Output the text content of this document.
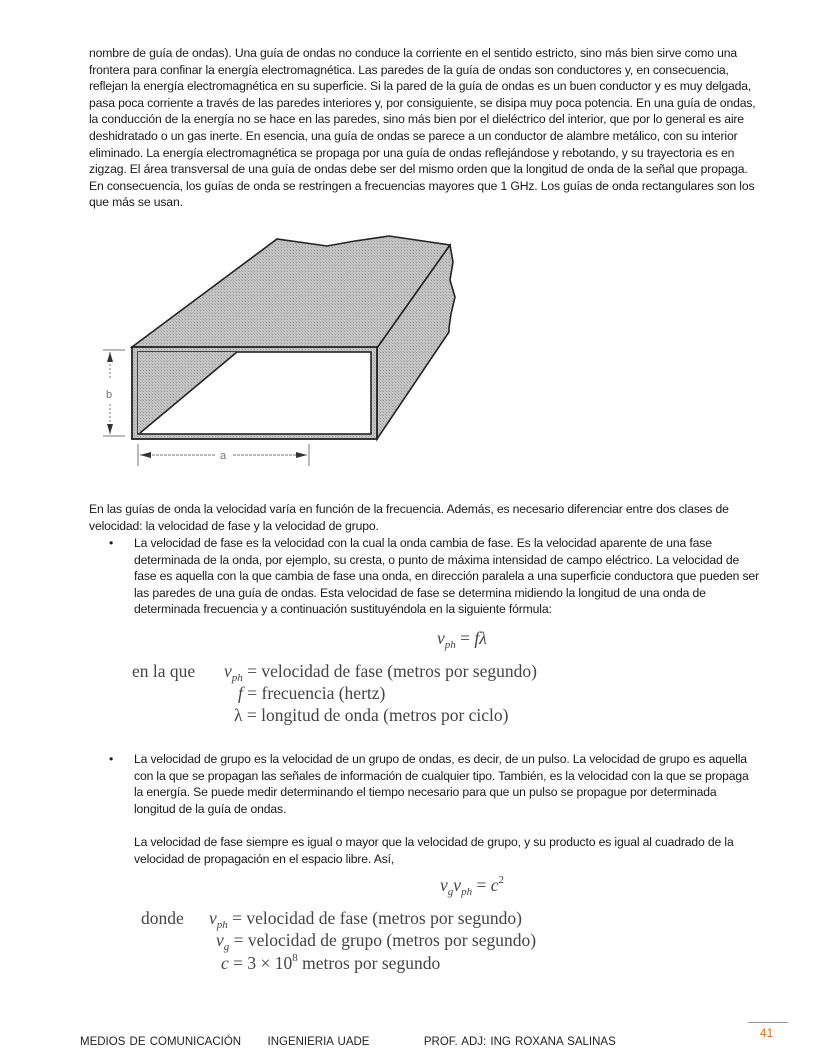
nombre de guía de ondas). Una guía de ondas no conduce la corriente en el sentido estricto, sino más bien sirve como una frontera para confinar la energía electromagnética. Las paredes de la guía de ondas son conductores y, en consecuencia, reflejan la energía electromagnética en su superficie. Si la pared de la guía de ondas es un buen conductor y es muy delgada, pasa poca corriente a través de las paredes interiores y, por consiguiente, se disipa muy poca potencia. En una guía de ondas, la conducción de la energía no se hace en las paredes, sino más bien por el dieléctrico del interior, que por lo general es aire deshidratado o un gas inerte. En esencia, una guía de ondas se parece a un conductor de alambre metálico, con su interior eliminado. La energía electromagnética se propaga por una guía de ondas reflejándose y rebotando, y su trayectoria es en zigzag. El área transversal de una guía de ondas debe ser del mismo orden que la longitud de onda de la señal que propaga. En consecuencia, los guías de onda se restringen a frecuencias mayores que 1 GHz. Los guías de onda rectangulares son los que más se usan.

b
a

En las guías de onda la velocidad varía en función de la frecuencia. Además, es necesario diferenciar entre dos clases de velocidad: la velocidad de fase y la velocidad de grupo.

•	La velocidad de fase es la velocidad con la cual la onda cambia de fase. Es la velocidad aparente de una fase determinada de la onda, por ejemplo, su cresta, o punto de máxima intensidad de campo eléctrico. La velocidad de fase es aquella con la que cambia de fase una onda, en dirección paralela a una superficie conductora que pueden ser las paredes de una guía de ondas. Esta velocidad de fase se determina midiendo la longitud de una onda de determinada frecuencia y a continuación sustituyéndola en la siguiente fórmula:

$v_{ph} = f\lambda$
en la que $v_{ph}$ = velocidad de fase (metros por segundo)
f = frecuencia (hertz)
λ = longitud de onda (metros por ciclo)
•	La velocidad de grupo es la velocidad de un grupo de ondas, es decir, de un pulso. La velocidad de grupo es aquella con la que se propagan las señales de información de cualquier tipo. También, es la velocidad con la que se propaga la energía. Se puede medir determinando el tiempo necesario para que un pulso se propague por determinada longitud de la guía de ondas.

La velocidad de fase siempre es igual o mayor que la velocidad de grupo, y su producto es igual al cuadrado de la velocidad de propagación en el espacio libre. Así,

$v_gv_{ph} = c^2$
donde $v_{ph}$ = velocidad de fase (metros por segundo)
$v_g$ = velocidad de grupo (metros por segundo)
$c = 3 \times 10^8$ metros por segundo
41
MEDIOS DE COMUNICACIÓN INGENIERIA UADE	PROF. ADJ: ING ROXANA SALINAS
